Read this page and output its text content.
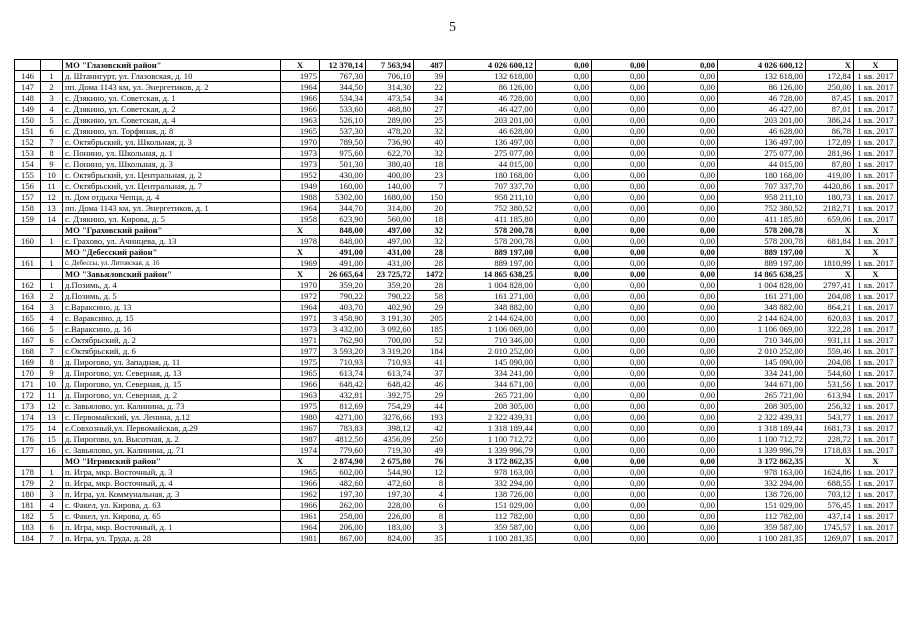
5
		МО "Глазовский район"	X	12 370,14	7 563,94	487	4 026 600,12	0,00	0,00	0,00	4 026 600,12	X	X
146	1	д. Штанигурт, ул. Глазовская, д. 10	1975	767,30	706,10	39	132 618,00	0,00	0,00	0,00	132 618,00	172,84	1 кв. 2017
147	2	пп. Дома 1143 км, ул. Энергетиков, д. 2	1964	344,50	314,30	22	86 126,00	0,00	0,00	0,00	86 126,00	250,00	1 кв. 2017
148	3	с. Дзякино, ул. Советская, д. 1	1966	534,34	473,54	34	46 728,00	0,00	0,00	0,00	46 728,00	87,45	1 кв. 2017
149	4	с. Дзякино, ул. Советская, д. 2	1966	533,60	468,80	27	46 427,00	0,00	0,00	0,00	46 427,00	87,01	1 кв. 2017
150	5	с. Дзякино, ул. Советская, д. 4	1963	526,10	289,00	25	203 201,00	0,00	0,00	0,00	203 201,00	386,24	1 кв. 2017
151	6	с. Дзякино, ул. Торфяная, д. 8	1965	537,30	478,20	32	46 628,00	0,00	0,00	0,00	46 628,00	86,78	1 кв. 2017
152	7	с. Октябрьский, ул. Школьная, д. 3	1970	789,50	736,90	40	136 497,00	0,00	0,00	0,00	136 497,00	172,89	1 кв. 2017
153	8	с. Понино, ул. Школьная, д. 1	1973	975,60	622,70	32	275 077,00	0,00	0,00	0,00	275 077,00	281,96	1 кв. 2017
154	9	с. Понино, ул. Школьная, д. 3	1973	501,30	380,40	18	44 015,00	0,00	0,00	0,00	44 015,00	87,80	1 кв. 2017
155	10	с. Октябрьский, ул. Центральная, д. 2	1952	430,00	400,00	23	180 168,00	0,00	0,00	0,00	180 168,00	419,00	1 кв. 2017
156	11	с. Октябрьский, ул. Центральная, д. 7	1949	160,00	140,00	7	707 337,70	0,00	0,00	0,00	707 337,70	4420,86	1 кв. 2017
157	12	п. Дом отдыха Чепца, д. 4	1988	5302,00	1680,00	150	958 211,10	0,00	0,00	0,00	958 211,10	180,73	1 кв. 2017
158	13	пп. Дома 1143 км, ул. Энергетиков, д. 1	1964	344,70	314,00	20	752 380,52	0,00	0,00	0,00	752 380,52	2182,71	1 кв. 2017
159	14	с. Дзякино, ул. Кирова, д. 5	1958	623,90	560,00	18	411 185,80	0,00	0,00	0,00	411 185,80	659,06	1 кв. 2017
		МО "Граховский район"	X	848,00	497,00	32	578 200,78	0,00	0,00	0,00	578 200,78	X	X
160	1	с. Грахово, ул. Ачинцева, д. 13	1978	848,00	497,00	32	578 200,78	0,00	0,00	0,00	578 200,78	681,84	1 кв. 2017
		МО "Дебесский район"	X	491,00	431,00	28	889 197,00	0,00	0,00	0,00	889 197,00	X	X
161	1	с. Дебессы, ул. Литовская, д. 16	1969	491,00	431,00	28	889 197,00	0,00	0,00	0,00	889 197,00	1810,99	1 кв. 2017
		МО "Завьяловский район"	X	26 665,64	23 725,72	1472	14 865 638,25	0,00	0,00	0,00	14 865 638,25	X	X
162	1	д.Позимь, д. 4	1970	359,20	359,20	28	1 004 828,00	0,00	0,00	0,00	1 004 828,00	2797,41	1 кв. 2017
163	2	д.Позимь, д. 5	1972	790,22	790,22	58	161 271,00	0,00	0,00	0,00	161 271,00	204,08	1 кв. 2017
164	3	с.Вараксино, д. 13	1964	403,70	402,90	29	348 882,00	0,00	0,00	0,00	348 882,00	864,21	1 кв. 2017
165	4	с. Вараксино, д. 15	1971	3 458,90	3 191,30	205	2 144 624,00	0,00	0,00	0,00	2 144 624,00	620,03	1 кв. 2017
166	5	с.Вараксино, д. 16	1973	3 432,00	3 092,60	185	1 106 069,00	0,00	0,00	0,00	1 106 069,00	322,28	1 кв. 2017
167	6	с.Октябрьский, д. 2	1971	762,90	700,00	52	710 346,00	0,00	0,00	0,00	710 346,00	931,11	1 кв. 2017
168	7	с.Октябрьский, д. 6	1977	3 593,20	3 319,20	184	2 010 252,00	0,00	0,00	0,00	2 010 252,00	559,46	1 кв. 2017
169	8	д. Пирогово, ул. Западная, д. 11	1975	710,93	710,93	41	145 090,00	0,00	0,00	0,00	145 090,00	204,08	1 кв. 2017
170	9	д. Пирогово, ул. Северная, д. 13	1965	613,74	613,74	37	334 241,00	0,00	0,00	0,00	334 241,00	544,60	1 кв. 2017
171	10	д. Пирогово, ул. Северная, д. 15	1966	648,42	648,42	46	344 671,00	0,00	0,00	0,00	344 671,00	531,56	1 кв. 2017
172	11	д. Пирогово, ул. Северная, д. 2	1963	432,81	392,75	29	265 721,00	0,00	0,00	0,00	265 721,00	613,94	1 кв. 2017
173	12	с. Завьялово, ул. Калинина, д. 73	1975	812,69	754,29	44	208 305,00	0,00	0,00	0,00	208 305,00	256,32	1 кв. 2017
174	13	с. Первомайский, ул. Ленина, д.12	1980	4271,00	3276,66	193	2 322 439,31	0,00	0,00	0,00	2 322 439,31	543,77	1 кв. 2017
175	14	с.Совхозный,ул. Первомайская, д.29	1967	783,83	398,12	42	1 318 189,44	0,00	0,00	0,00	1 318 189,44	1681,73	1 кв. 2017
176	15	д. Пирогово, ул. Высотная, д. 2	1987	4812,50	4356,09	250	1 100 712,72	0,00	0,00	0,00	1 100 712,72	228,72	1 кв. 2017
177	16	с. Завьялово, ул. Калинина, д. 71	1974	779,60	719,30	49	1 339 996,79	0,00	0,00	0,00	1 339 996,79	1718,83	1 кв. 2017
		МО "Игринский район"	X	2 874,90	2 675,80	76	3 172 862,35	0,00	0,00	0,00	3 172 862,35	X	X
178	1	п. Игра, мкр. Восточный, д. 3	1965	602,00	544,90	12	978 163,00	0,00	0,00	0,00	978 163,00	1624,86	1 кв. 2017
179	2	п. Игра, мкр. Восточный, д. 4	1966	482,60	472,60	8	332 294,00	0,00	0,00	0,00	332 294,00	688,55	1 кв. 2017
180	3	п. Игра, ул. Коммунальная, д. 3	1962	197,30	197,30	4	138 726,00	0,00	0,00	0,00	138 726,00	703,12	1 кв. 2017
181	4	с. Факел, ул. Кирова, д. 63	1966	262,00	228,00	6	151 029,00	0,00	0,00	0,00	151 029,00	576,45	1 кв. 2017
182	5	с. Факел, ул. Кирова, д. 65	1961	258,00	226,00	8	112 782,00	0,00	0,00	0,00	112 782,00	437,14	1 кв. 2017
183	6	п. Игра, мкр. Восточный, д. 1	1964	206,00	183,00	3	359 587,00	0,00	0,00	0,00	359 587,00	1745,57	1 кв. 2017
184	7	п. Игра, ул. Труда, д. 28	1981	867,00	824,00	35	1 100 281,35	0,00	0,00	0,00	1 100 281,35	1269,07	1 кв. 2017
